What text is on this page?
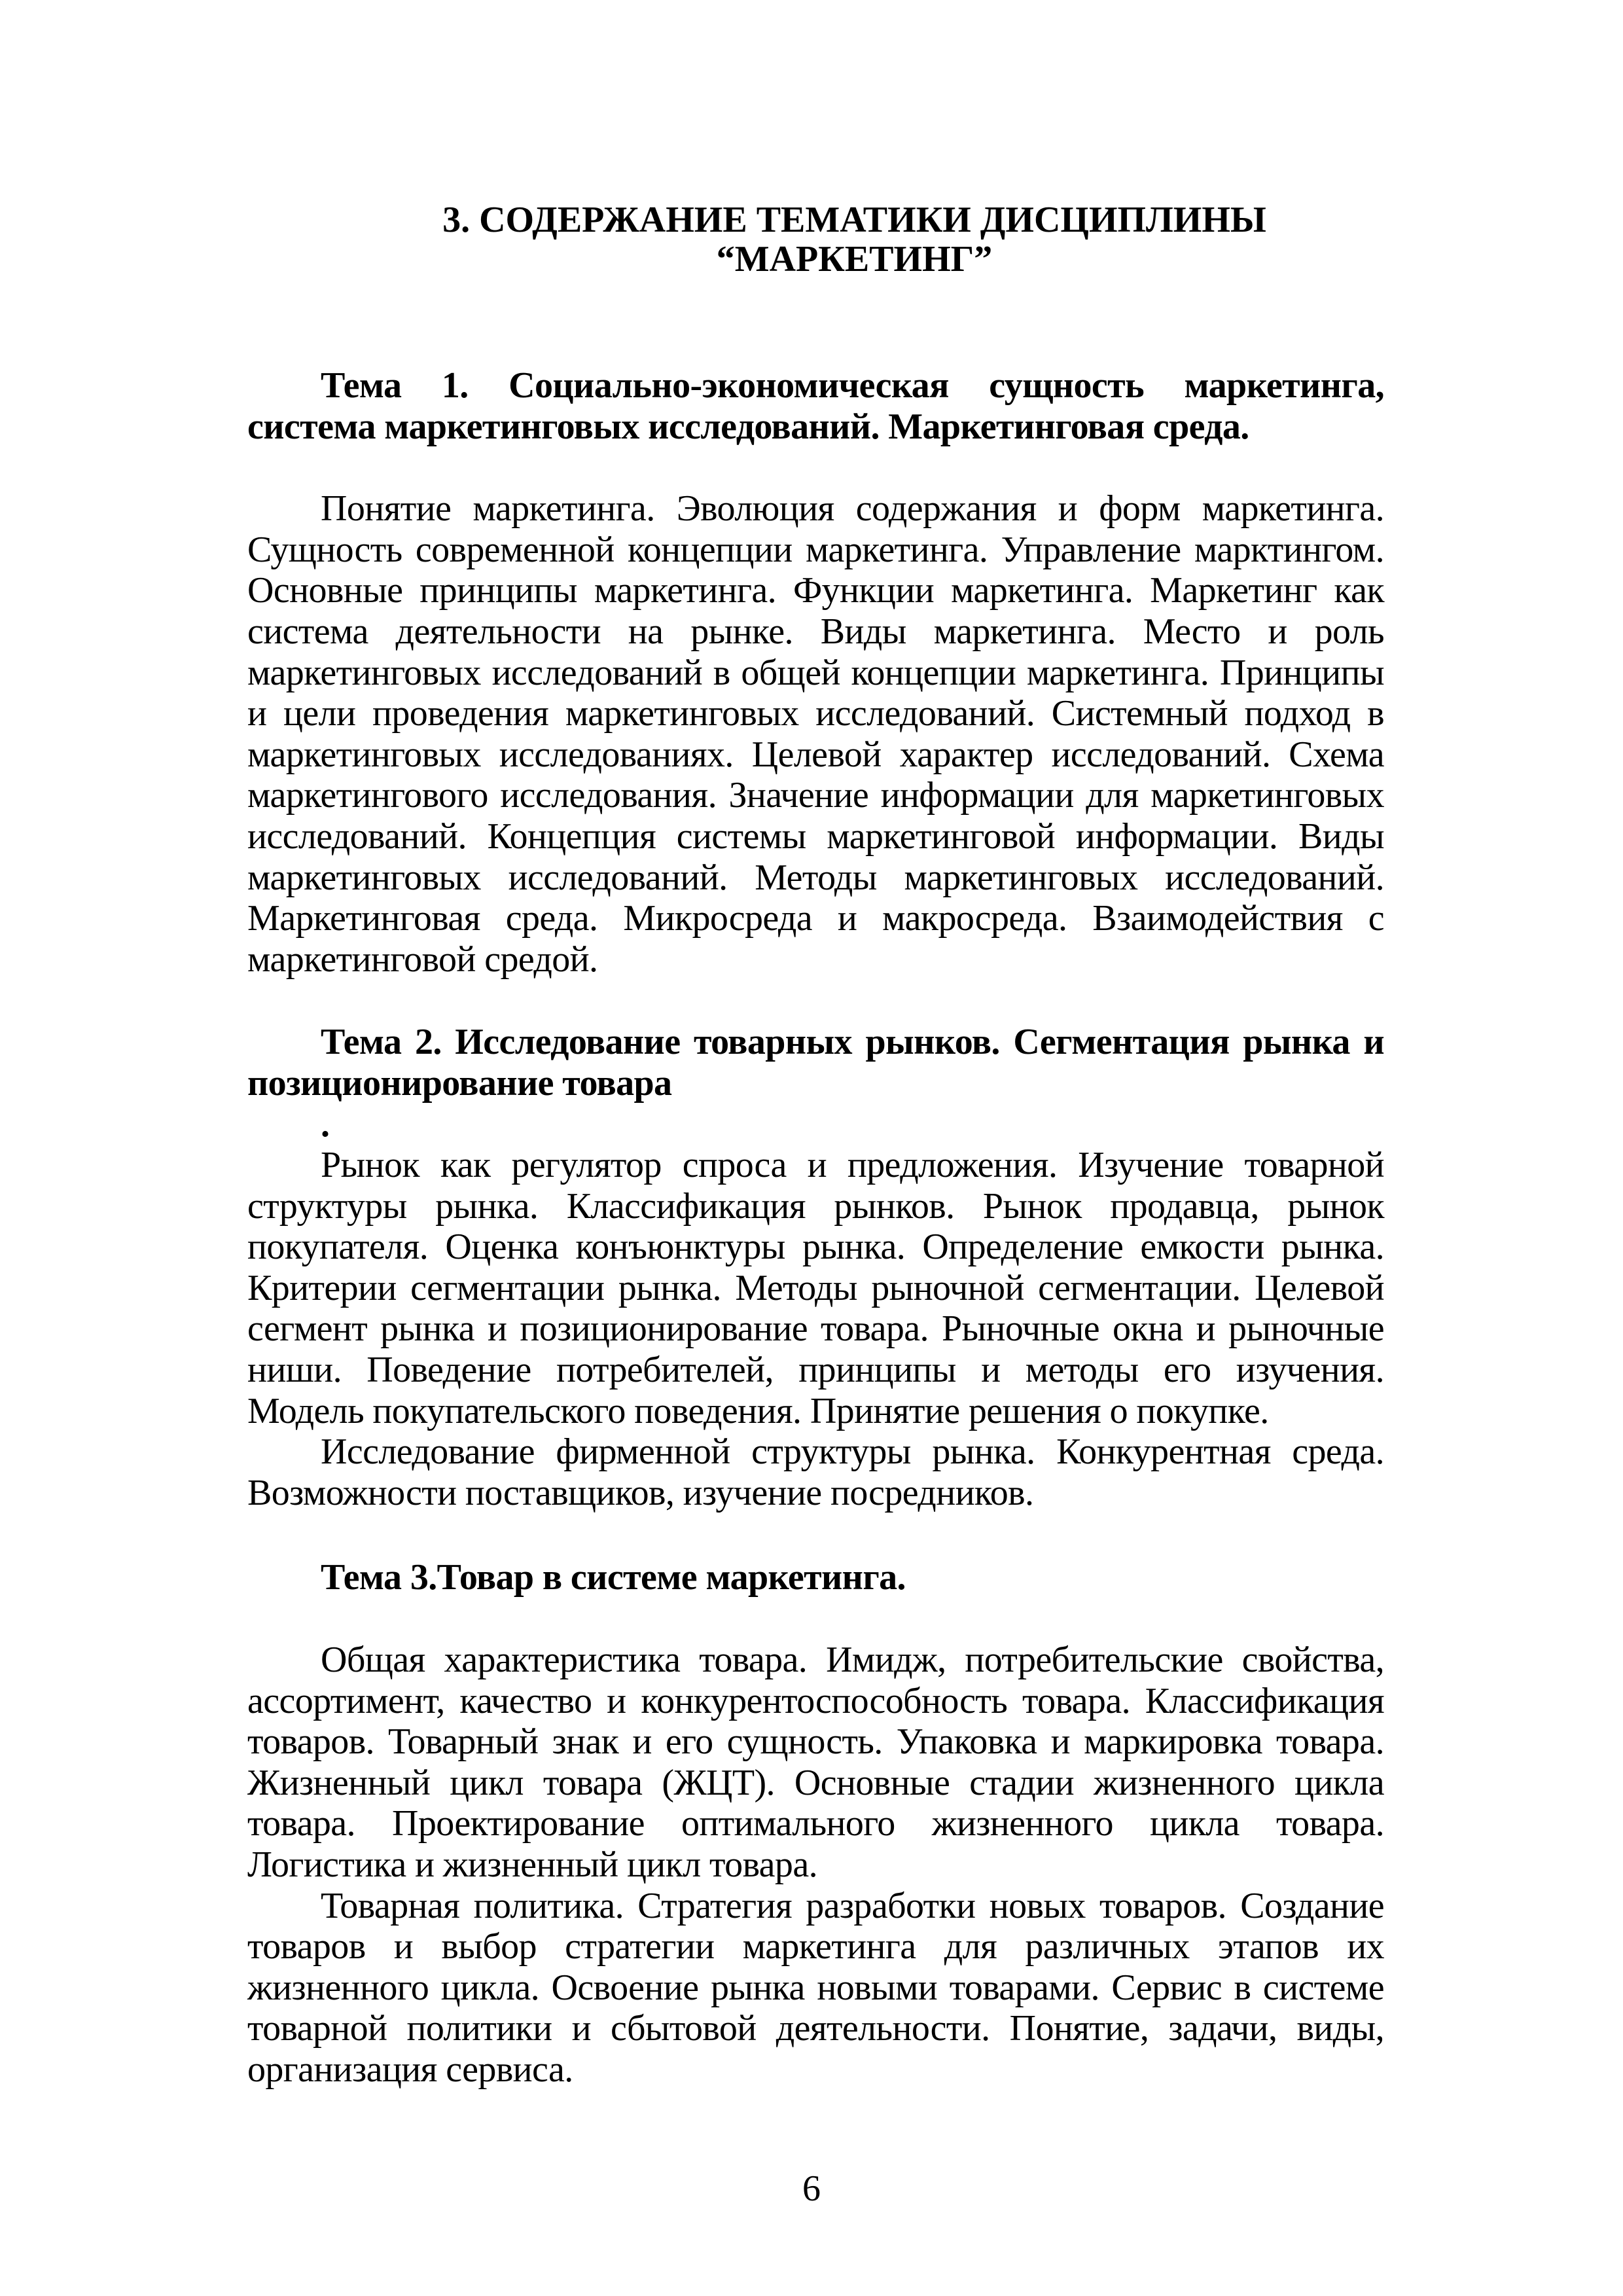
3. СОДЕРЖАНИЕ ТЕМАТИКИ ДИСЦИПЛИНЫ
“МАРКЕТИНГ”
Тема 1. Социально-экономическая сущность маркетинга,
система маркетинговых исследований. Маркетинговая среда.
Понятие маркетинга. Эволюция содержания и форм маркетинга.
Сущность современной концепции маркетинга. Управление марктингом.
Основные принципы маркетинга. Функции маркетинга. Маркетинг как
система деятельности на рынке. Виды маркетинга. Место и роль
маркетинговых исследований в общей концепции маркетинга. Принципы
и цели проведения маркетинговых исследований. Системный подход в
маркетинговых исследованиях. Целевой характер исследований. Схема
маркетингового исследования. Значение информации для маркетинговых
исследований. Концепция системы маркетинговой информации. Виды
маркетинговых исследований. Методы маркетинговых исследований.
Маркетинговая среда. Микросреда и макросреда. Взаимодействия с
маркетинговой средой.
Тема 2. Исследование товарных рынков. Сегментация рынка и
позиционирование товара
.
Рынок как регулятор спроса и предложения. Изучение товарной
структуры рынка. Классификация рынков. Рынок продавца, рынок
покупателя. Оценка конъюнктуры рынка. Определение емкости рынка.
Критерии сегментации рынка. Методы рыночной сегментации. Целевой
сегмент рынка и позиционирование товара. Рыночные окна и рыночные
ниши. Поведение потребителей, принципы и методы его изучения.
Модель покупательского поведения. Принятие решения о покупке.
Исследование фирменной структуры рынка. Конкурентная среда.
Возможности поставщиков, изучение посредников.
Тема 3.Товар в системе маркетинга.
Общая характеристика товара. Имидж, потребительские свойства,
ассортимент, качество и конкурентоспособность товара. Классификация
товаров. Товарный знак и его сущность. Упаковка и маркировка товара.
Жизненный цикл товара (ЖЦТ). Основные стадии жизненного цикла
товара. Проектирование оптимального жизненного цикла товара.
Логистика и жизненный цикл товара.
Товарная политика. Стратегия разработки новых товаров. Создание
товаров и выбор стратегии маркетинга для различных этапов их
жизненного цикла. Освоение рынка новыми товарами. Сервис в системе
товарной политики и сбытовой деятельности. Понятие, задачи, виды,
организация сервиса.
6
